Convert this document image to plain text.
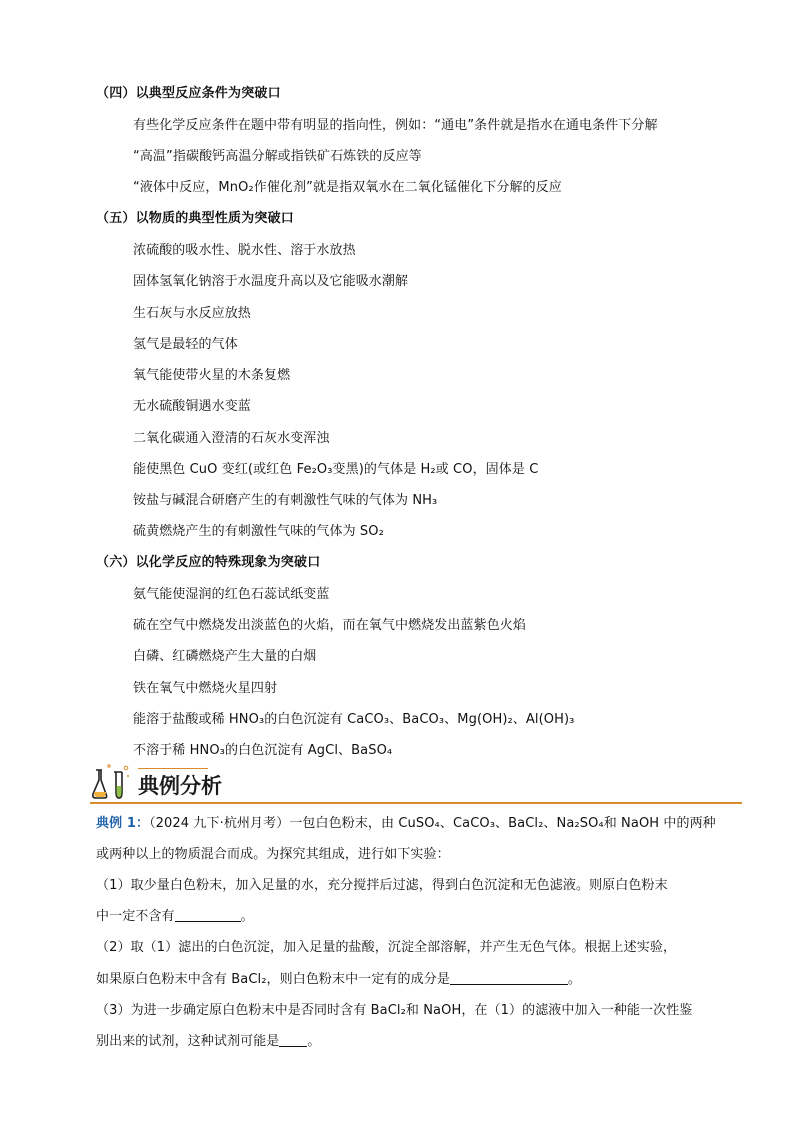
（四）以典型反应条件为突破口
有些化学反应条件在题中带有明显的指向性，例如：“通电”条件就是指水在通电条件下分解
“高温”指碳酸钙高温分解或指铁矿石炼铁的反应等
“液体中反应，MnO₂作催化剂”就是指双氧水在二氧化锰催化下分解的反应
（五）以物质的典型性质为突破口
浓硫酸的吸水性、脱水性、溶于水放热
固体氢氧化钠溶于水温度升高以及它能吸水潮解
生石灰与水反应放热
氢气是最轻的气体
氧气能使带火星的木条复燃
无水硫酸铜遇水变蓝
二氧化碳通入澄清的石灰水变浑浊
能使黑色 CuO 变红(或红色 Fe₂O₃变黑)的气体是 H₂或 CO，固体是 C
铵盐与碱混合研磨产生的有刺激性气味的气体为 NH₃
硫黄燃烧产生的有刺激性气味的气体为 SO₂
（六）以化学反应的特殊现象为突破口
氨气能使湿润的红色石蕊试纸变蓝
硫在空气中燃烧发出淡蓝色的火焰，而在氧气中燃烧发出蓝紫色火焰
白磷、红磷燃烧产生大量的白烟
铁在氧气中燃烧火星四射
能溶于盐酸或稀 HNO₃的白色沉淀有 CaCO₃、BaCO₃、Mg(OH)₂、Al(OH)₃
不溶于稀 HNO₃的白色沉淀有 AgCl、BaSO₄
典例分析
典例 1：（2024 九下·杭州月考）一包白色粉末，由 CuSO₄、CaCO₃、BaCl₂、Na₂SO₄和 NaOH 中的两种
或两种以上的物质混合而成。为探究其组成，进行如下实验：
（1）取少量白色粉末，加入足量的水，充分搅拌后过滤，得到白色沉淀和无色滤液。则原白色粉末
中一定不含有	。
（2）取（1）滤出的白色沉淀，加入足量的盐酸，沉淀全部溶解，并产生无色气体。根据上述实验，
如果原白色粉末中含有 BaCl₂，则白色粉末中一定有的成分是	。
（3）为进一步确定原白色粉末中是否同时含有 BaCl₂和 NaOH，在（1）的滤液中加入一种能一次性鉴
别出来的试剂，这种试剂可能是 。
